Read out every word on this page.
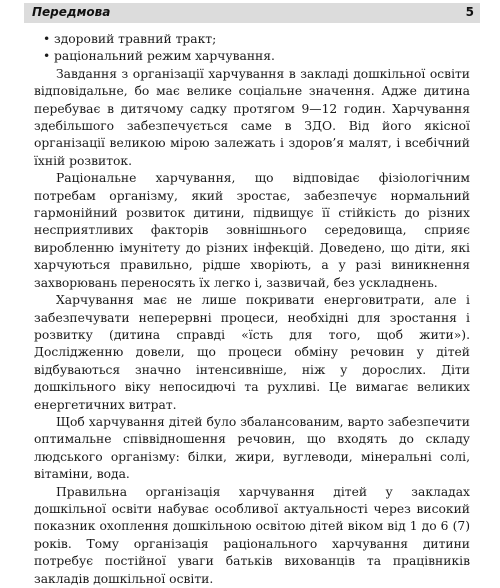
Передмова	5

• здоровий травний тракт;

• раціональний режим харчування.

Завдання з організації харчування в закладі дошкільної освіти відповідальне, бо має велике соціальне значення. Адже дитина перебуває в дитячому садку протягом 9—12 годин. Харчування здебільшого забезпечується саме в ЗДО. Від його якісної організації великою мірою залежать і здоров’я малят, і всебічний їхній розвиток.

Раціональне харчування, що відповідає фізіологічним потребам організму, який зростає, забезпечує нормальний гармонійний розвиток дитини, підвищує її стійкість до різних несприятливих факторів зовнішнього середовища, сприяє виробленню імунітету до різних інфекцій. Доведено, що діти, які харчуються правильно, рідше хворіють, а у разі виникнення захворювань переносять їх легко і, зазвичай, без ускладнень.

Харчування має не лише покривати енерговитрати, але і забезпечувати неперервні процеси, необхідні для зростання і розвитку (дитина справді «їсть для того, щоб жити»). Дослідженню довели, що процеси обміну речовин у дітей відбуваються значно інтенсивніше, ніж у дорослих. Діти дошкільного віку непосидючі та рухливі. Це вимагає великих енергетичних витрат.

Щоб харчування дітей було збалансованим, варто забезпечити оптимальне співвідношення речовин, що входять до складу людського організму: білки, жири, вуглеводи, мінеральні солі, вітаміни, вода.

Правильна організація харчування дітей у закладах дошкільної освіти набуває особливої актуальності через високий показник охоплення дошкільною освітою дітей віком від 1 до 6 (7) років. Тому організація раціонального харчування дитини потребує постійної уваги батьків вихованців та працівників закладів дошкільної освіти.
